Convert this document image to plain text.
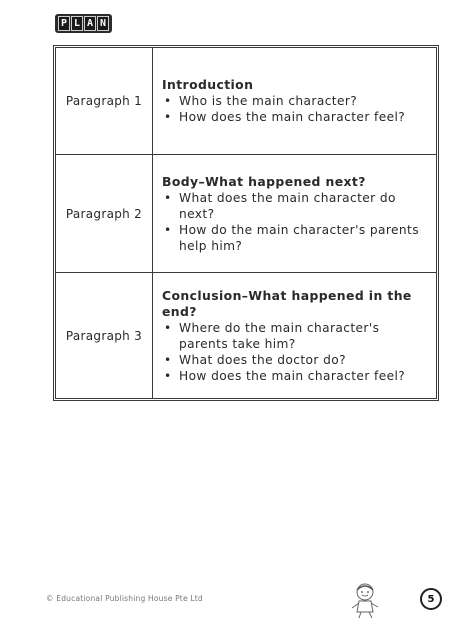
P L A N
Paragraph 1
Introduction
• Who is the main character?
• How does the main character feel?
Paragraph 2
Body–What happened next?
• What does the main character do next?
• How do the main character's parents help him?
Paragraph 3
Conclusion–What happened in the end?
• Where do the main character's parents take him?
• What does the doctor do?
• How does the main character feel?
© Educational Publishing House Pte Ltd	5
